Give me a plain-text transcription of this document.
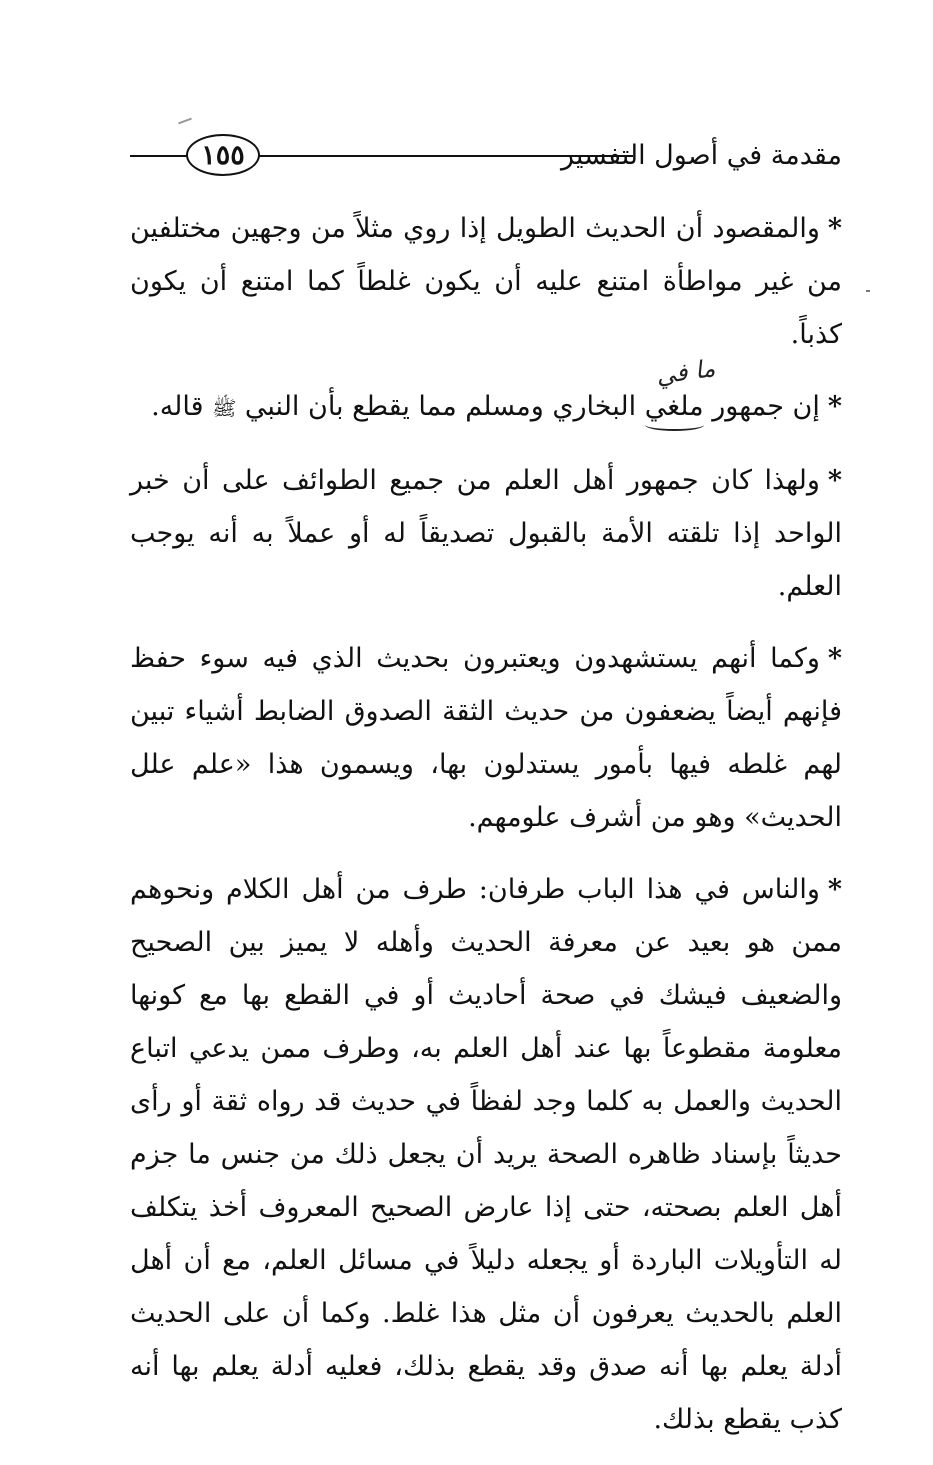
١٥٥	مقدمة في أصول التفسير
*والمقصود أن الحديث الطويل إذا روي مثلاً من وجهين مختلفين من غير مواطأة امتنع عليه أن يكون غلطاً كما امتنع أن يكون كذباً.
*إن جمهور ملغي
ما في
البخاري ومسلم مما يقطع بأن النبي ﷺ قاله.
*ولهذا كان جمهور أهل العلم من جميع الطوائف على أن خبر الواحد إذا تلقته الأمة بالقبول تصديقاً له أو عملاً به أنه يوجب العلم.
*وكما أنهم يستشهدون ويعتبرون بحديث الذي فيه سوء حفظ فإنهم أيضاً يضعفون من حديث الثقة الصدوق الضابط أشياء تبين لهم غلطه فيها بأمور يستدلون بها، ويسمون هذا «علم علل الحديث» وهو من أشرف علومهم.
*والناس في هذا الباب طرفان: طرف من أهل الكلام ونحوهم ممن هو بعيد عن معرفة الحديث وأهله لا يميز بين الصحيح والضعيف فيشك في صحة أحاديث أو في القطع بها مع كونها معلومة مقطوعاً بها عند أهل العلم به، وطرف ممن يدعي اتباع الحديث والعمل به كلما وجد لفظاً في حديث قد رواه ثقة أو رأى حديثاً بإسناد ظاهره الصحة يريد أن يجعل ذلك من جنس ما جزم أهل العلم بصحته، حتى إذا عارض الصحيح المعروف أخذ يتكلف له التأويلات الباردة أو يجعله دليلاً في مسائل العلم، مع أن أهل العلم بالحديث يعرفون أن مثل هذا غلط. وكما أن على الحديث أدلة يعلم بها أنه صدق وقد يقطع بذلك، فعليه أدلة يعلم بها أنه كذب يقطع بذلك.
